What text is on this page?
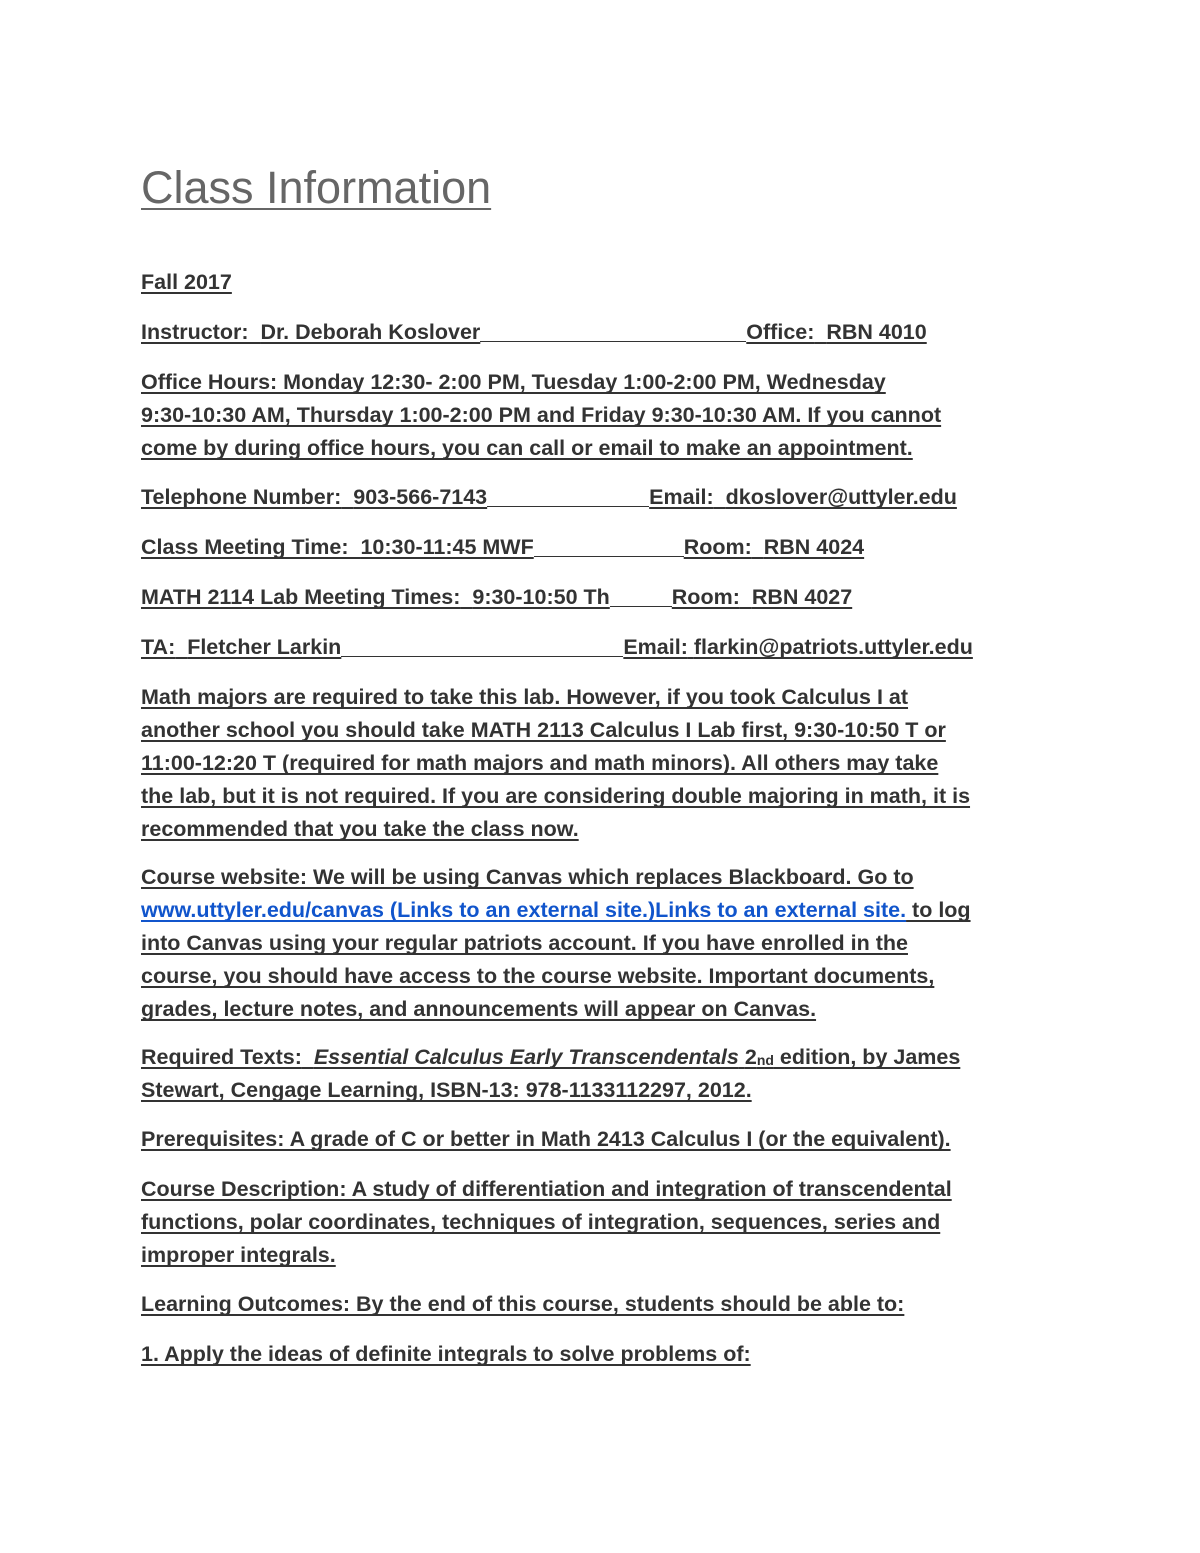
Class Information
Fall 2017
Instructor: Dr. Deborah Koslover	Office: RBN 4010
Office Hours: Monday 12:30- 2:00 PM, Tuesday 1:00-2:00 PM, Wednesday
9:30-10:30 AM, Thursday 1:00-2:00 PM and Friday 9:30-10:30 AM. If you cannot
come by during office hours, you can call or email to make an appointment.
Telephone Number: 903-566-7143	Email: dkoslover@uttyler.edu
Class Meeting Time: 10:30-11:45 MWF	Room: RBN 4024
MATH 2114 Lab Meeting Times: 9:30-10:50 Th	Room: RBN 4027
TA: Fletcher Larkin	Email: flarkin@patriots.uttyler.edu
Math majors are required to take this lab. However, if you took Calculus I at
another school you should take MATH 2113 Calculus I Lab first, 9:30-10:50 T or
11:00-12:20 T (required for math majors and math minors). All others may take
the lab, but it is not required. If you are considering double majoring in math, it is
recommended that you take the class now.
Course website: We will be using Canvas which replaces Blackboard. Go to
www.uttyler.edu/canvas (Links to an external site.)Links to an external site. to log
into Canvas using your regular patriots account. If you have enrolled in the
course, you should have access to the course website. Important documents,
grades, lecture notes, and announcements will appear on Canvas.
Required Texts: Essential Calculus Early Transcendentals 2nd edition, by James
Stewart, Cengage Learning, ISBN-13: 978-1133112297, 2012.
Prerequisites: A grade of C or better in Math 2413 Calculus I (or the equivalent).
Course Description: A study of differentiation and integration of transcendental
functions, polar coordinates, techniques of integration, sequences, series and
improper integrals.
Learning Outcomes: By the end of this course, students should be able to:
1. Apply the ideas of definite integrals to solve problems of:
